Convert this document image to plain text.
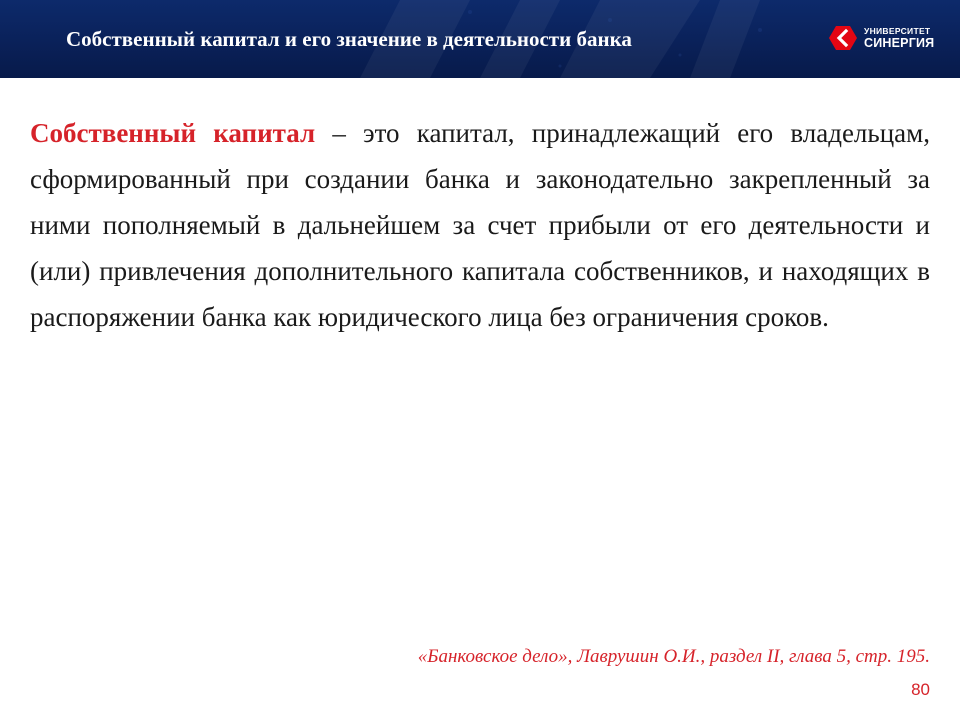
Собственный капитал и его значение в деятельности банка	УНИВЕРСИТЕТ
СИНЕРГИЯ

Собственный капитал – это капитал, принадлежащий его владельцам, сформированный при создании банка и законодательно закрепленный за ними пополняемый в дальнейшем за счет прибыли от его деятельности и (или) привлечения дополнительного капитала собственников, и находящих в распоряжении банка как юридического лица без ограничения сроков.

«Банковское дело», Лаврушин О.И., раздел II, глава 5, стр. 195.
80
